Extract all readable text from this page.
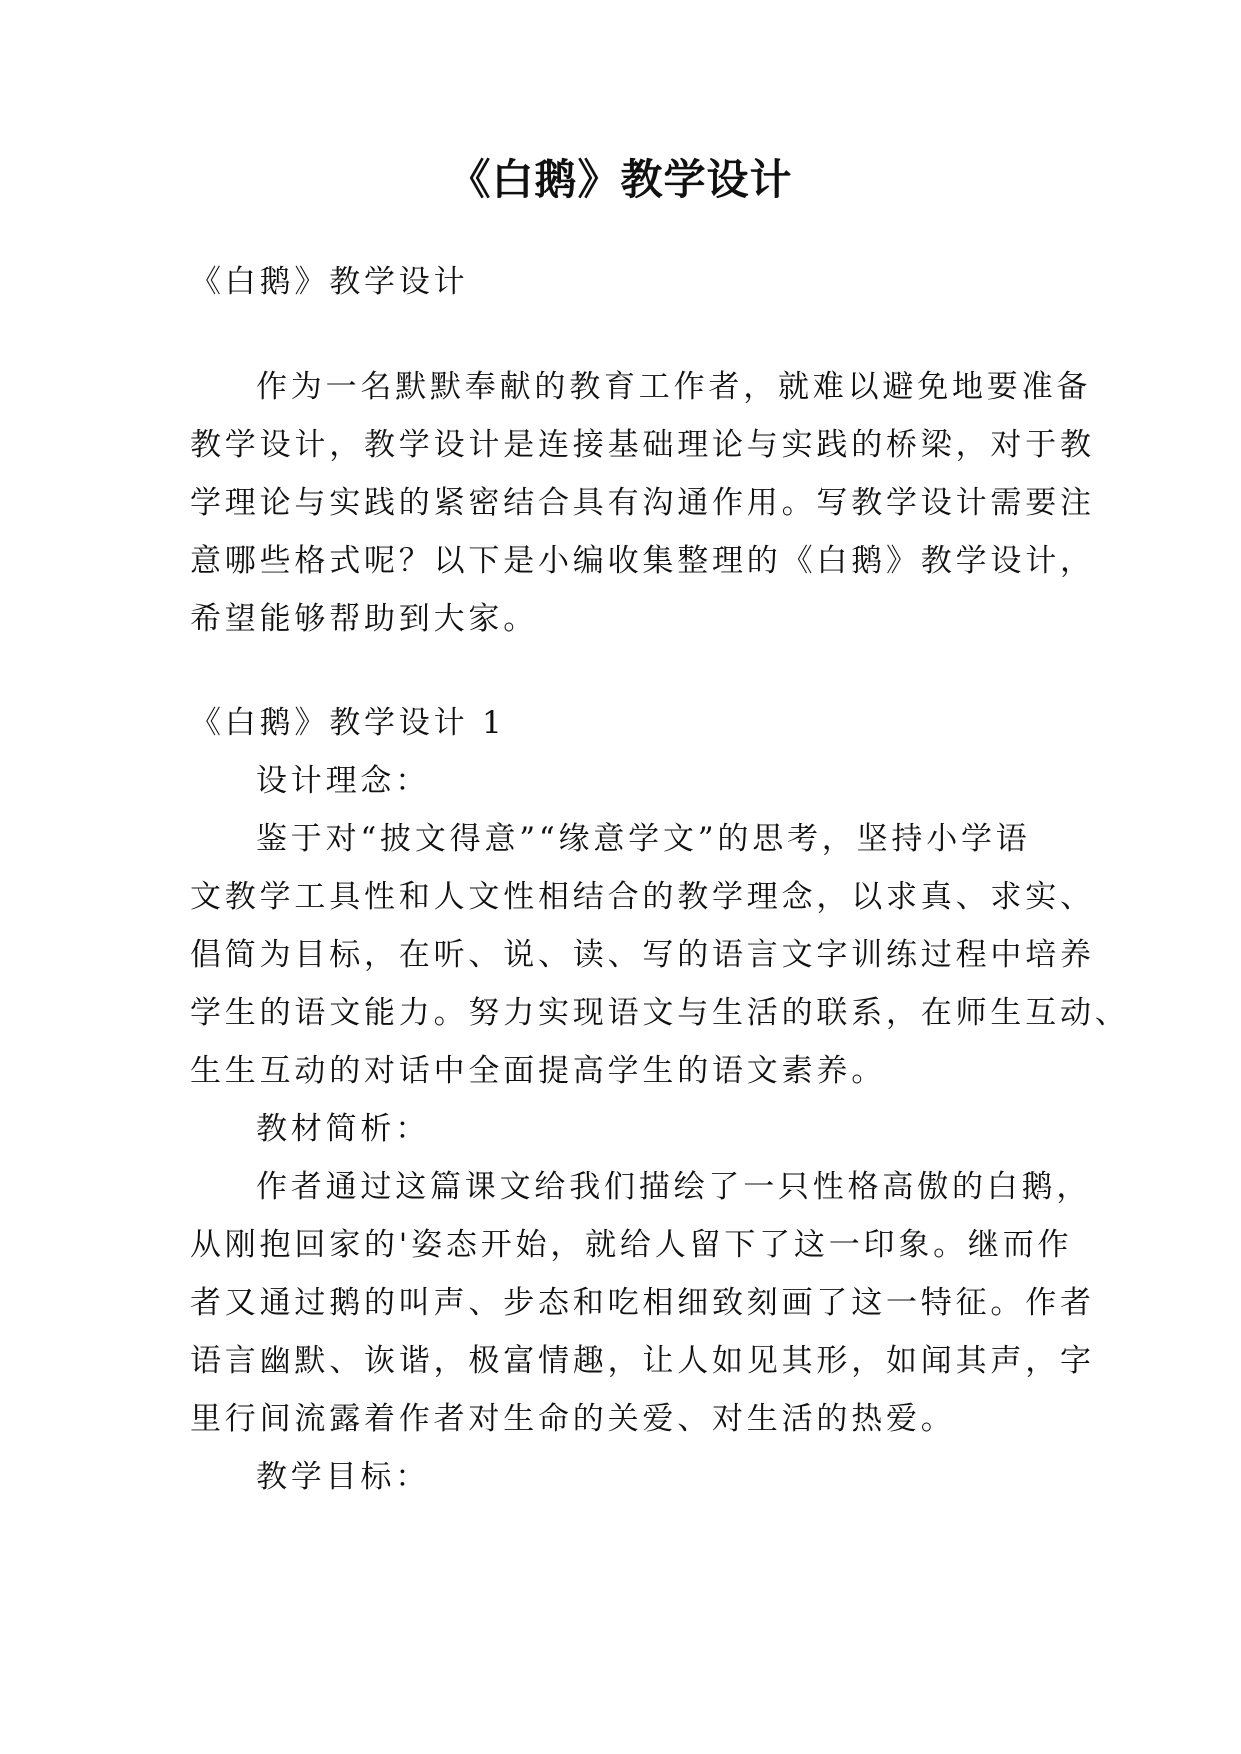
《白鹅》教学设计
《白鹅》教学设计
作为一名默默奉献的教育工作者，就难以避免地要准备
教学设计，教学设计是连接基础理论与实践的桥梁，对于教
学理论与实践的紧密结合具有沟通作用。写教学设计需要注
意哪些格式呢？以下是小编收集整理的《白鹅》教学设计，
希望能够帮助到大家。
《白鹅》教学设计 1
设计理念：
鉴于对“披文得意”“缘意学文”的思考，坚持小学语
文教学工具性和人文性相结合的教学理念，以求真、求实、
倡简为目标，在听、说、读、写的语言文字训练过程中培养
学生的语文能力。努力实现语文与生活的联系，在师生互动、
生生互动的对话中全面提高学生的语文素养。
教材简析：
作者通过这篇课文给我们描绘了一只性格高傲的白鹅，
从刚抱回家的'姿态开始，就给人留下了这一印象。继而作
者又通过鹅的叫声、步态和吃相细致刻画了这一特征。作者
语言幽默、诙谐，极富情趣，让人如见其形，如闻其声，字
里行间流露着作者对生命的关爱、对生活的热爱。
教学目标：
